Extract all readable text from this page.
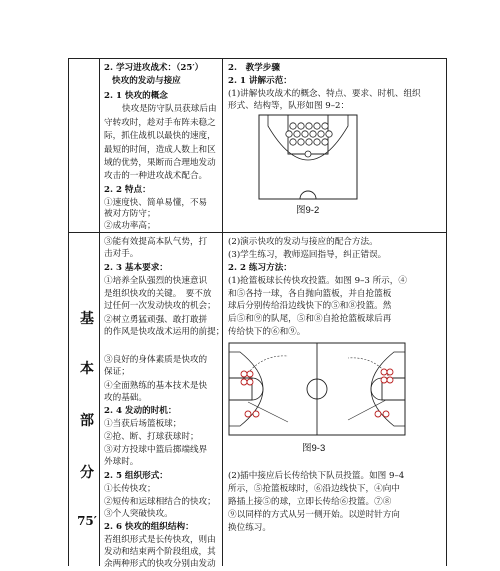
基
本
部
分
75′
2. 学习进攻战术：（25′）
快攻的发动与接应
2. 1 快攻的概念
快攻是防守队员获球后由
守转攻时，趁对手布阵未稳之
际，抓住战机以最快的速度，
最短的时间，造成人数上和区
域的优势，果断而合理地发动
攻击的一种进攻战术配合。
2. 2 特点：
①速度快、简单易懂，不易
被对方防守；
②成功率高；
③能有效提高本队气势，打
击对手。
2. 3 基本要求：
①培养全队强烈的快速意识
是组织快攻的关键。　要不放
过任何一次发动快攻的机会；
②树立勇猛顽强、敢打敢拼
的作风是快攻战术运用的前提；
③良好的身体素质是快攻的
保证；
④全面熟练的基本技术是快
攻的基础。
2. 4 发动的时机：
①当获后场篮板球；
②抢、断、打球获球时；
③对方投球中篮后掷端线界
外球时。
2. 5 组织形式：
①长传快攻；
②短传和运球相结合的快攻；
③个人突破快攻。
2. 6 快攻的组织结构：
若组织形式是长传快攻，则由
发动和结束两个阶段组成，其
余两种形式的快攻分别由发动
2.　教学步骤
2. 1 讲解示范：
(1)讲解快攻战术的概念、特点、要求、时机、组织
形式、结构等，队形如图 9–2：
图9-2
(2)演示快攻的发动与接应的配合方法。
(3)学生练习，教师巡回指导，纠正错误。
2. 2 练习方法：
(1)抢篮板球长传快攻投篮。如图 9–3 所示，④
和⑤各持一球，各自抛向篮板，并自抢篮板
球后分别传给沿边线快下的⑤和⑧投篮。然
后⑤和⑨的队尾，⑤和⑧自抢抢篮板球后再
传给快下的⑥和⑨。
图9-3
(2)插中接应后长传给快下队员投篮。如图 9–4
所示，⑤抢篮板球时，⑥沿边线快下，④向中
路插上接⑤的球，立即长传给⑥投篮。⑦⑧
⑨以同样的方式从另一侧开始。以逆时针方向
换位练习。
